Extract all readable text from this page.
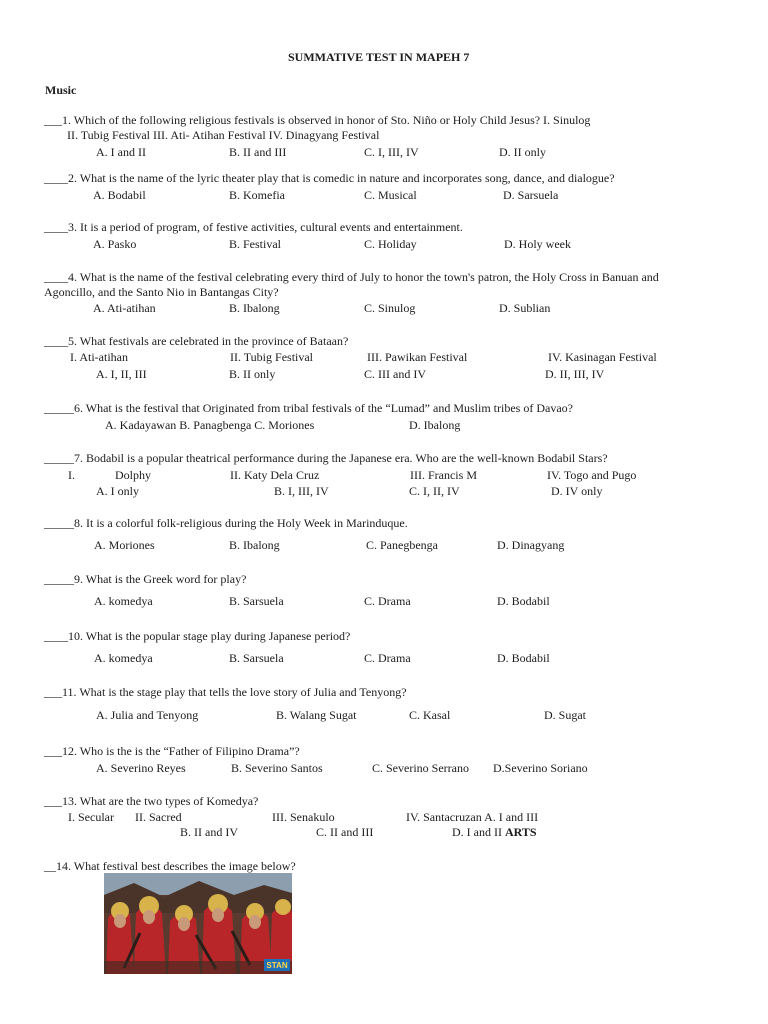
SUMMATIVE TEST IN MAPEH 7
Music
___1. Which of the following religious festivals is observed in honor of Sto. Niño or Holy Child Jesus? I. Sinulog
II. Tubig Festival III. Ati- Atihan Festival IV. Dinagyang Festival
A. I and II	B. II and III	C. I, III, IV	D. II only
____2. What is the name of the lyric theater play that is comedic in nature and incorporates song, dance, and dialogue?
A. Bodabil	B. Komefia	C. Musical	D. Sarsuela
____3. It is a period of program, of festive activities, cultural events and entertainment.
A. Pasko	B. Festival	C. Holiday	D. Holy week
____4. What is the name of the festival celebrating every third of July to honor the town's patron, the Holy Cross in Banuan and
Agoncillo, and the Santo Nio in Bantangas City?
A. Ati-atihan	B. Ibalong	C. Sinulog	D. Sublian
____5. What festivals are celebrated in the province of Bataan?
I. Ati-atihan	II. Tubig Festival	III. Pawikan Festival	IV. Kasinagan Festival
A. I, II, III	B. II only	C. III and IV	D. II, III, IV
_____6. What is the festival that Originated from tribal festivals of the “Lumad” and Muslim tribes of Davao?
A. Kadayawan B. Panagbenga C. Moriones	D. Ibalong
_____7. Bodabil is a popular theatrical performance during the Japanese era. Who are the well-known Bodabil Stars?
I.	Dolphy	II. Katy Dela Cruz	III. Francis M	IV. Togo and Pugo
A. I only	B. I, III, IV	C. I, II, IV	D. IV only
_____8. It is a colorful folk-religious during the Holy Week in Marinduque.
A. Moriones	B. Ibalong	C. Panegbenga	D. Dinagyang
_____9. What is the Greek word for play?
A. komedya	B. Sarsuela	C. Drama	D. Bodabil
____10. What is the popular stage play during Japanese period?
A. komedya	B. Sarsuela	C. Drama	D. Bodabil
___11. What is the stage play that tells the love story of Julia and Tenyong?
A. Julia and Tenyong	B. Walang Sugat	C. Kasal	D. Sugat
___12. Who is the is the “Father of Filipino Drama”?
A. Severino Reyes	B. Severino Santos	C. Severino Serrano D.Severino Soriano
___13. What are the two types of Komedya?
I. Secular II. Sacred	III. Senakulo	IV. Santacruzan A. I and III
B. II and IV	C. II and III	D. I and II ARTS
__14. What festival best describes the image below?
STAN
